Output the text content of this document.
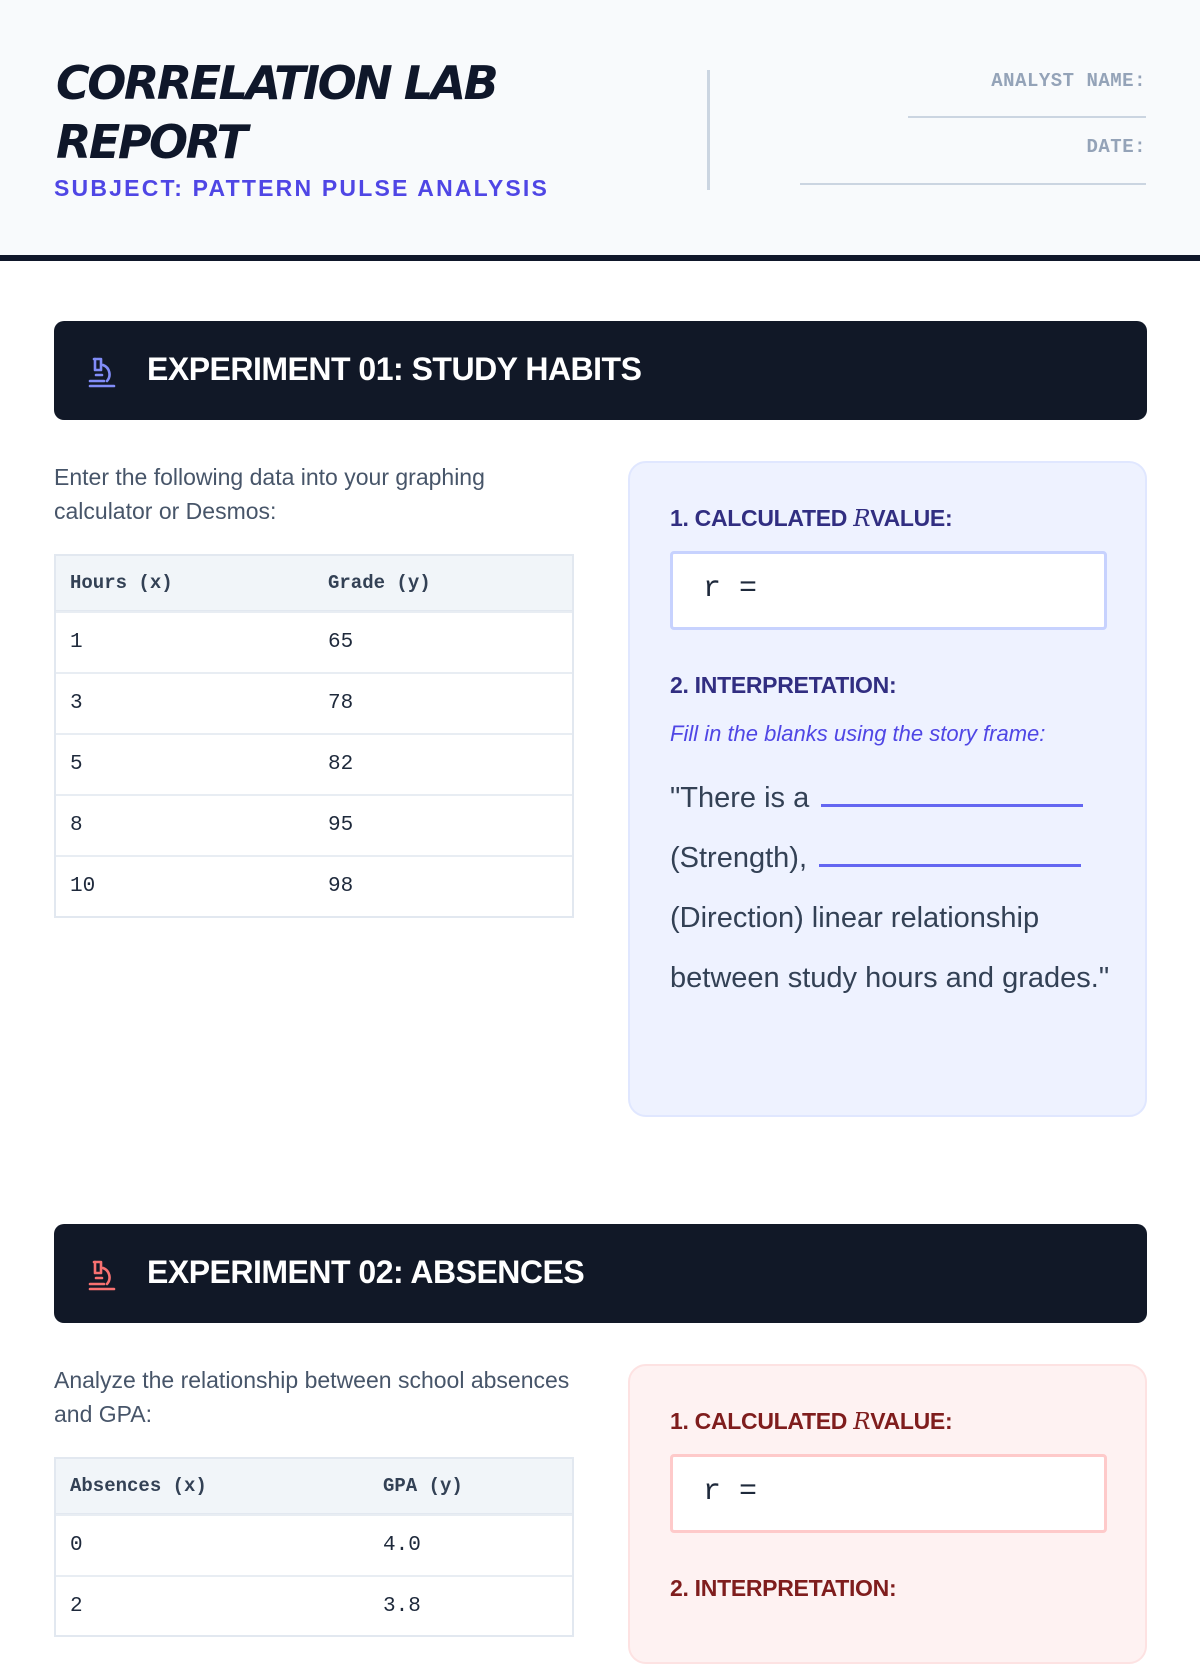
CORRELATION LAB
REPORT
SUBJECT: PATTERN PULSE ANALYSIS
ANALYST NAME:
DATE:
EXPERIMENT 01: STUDY HABITS
Enter the following data into your graphing calculator or Desmos:
Hours (x)	Grade (y)
1	65
3	78
5	82
8	95
10	98
1. CALCULATED RVALUE:
r =
2. INTERPRETATION:
Fill in the blanks using the story frame:
"There is a
(Strength),
(Direction) linear relationship between study hours and grades."
EXPERIMENT 02: ABSENCES
Analyze the relationship between school absences and GPA:
Absences (x)	GPA (y)
0	4.0
2	3.8
1. CALCULATED RVALUE:
r =
2. INTERPRETATION:
